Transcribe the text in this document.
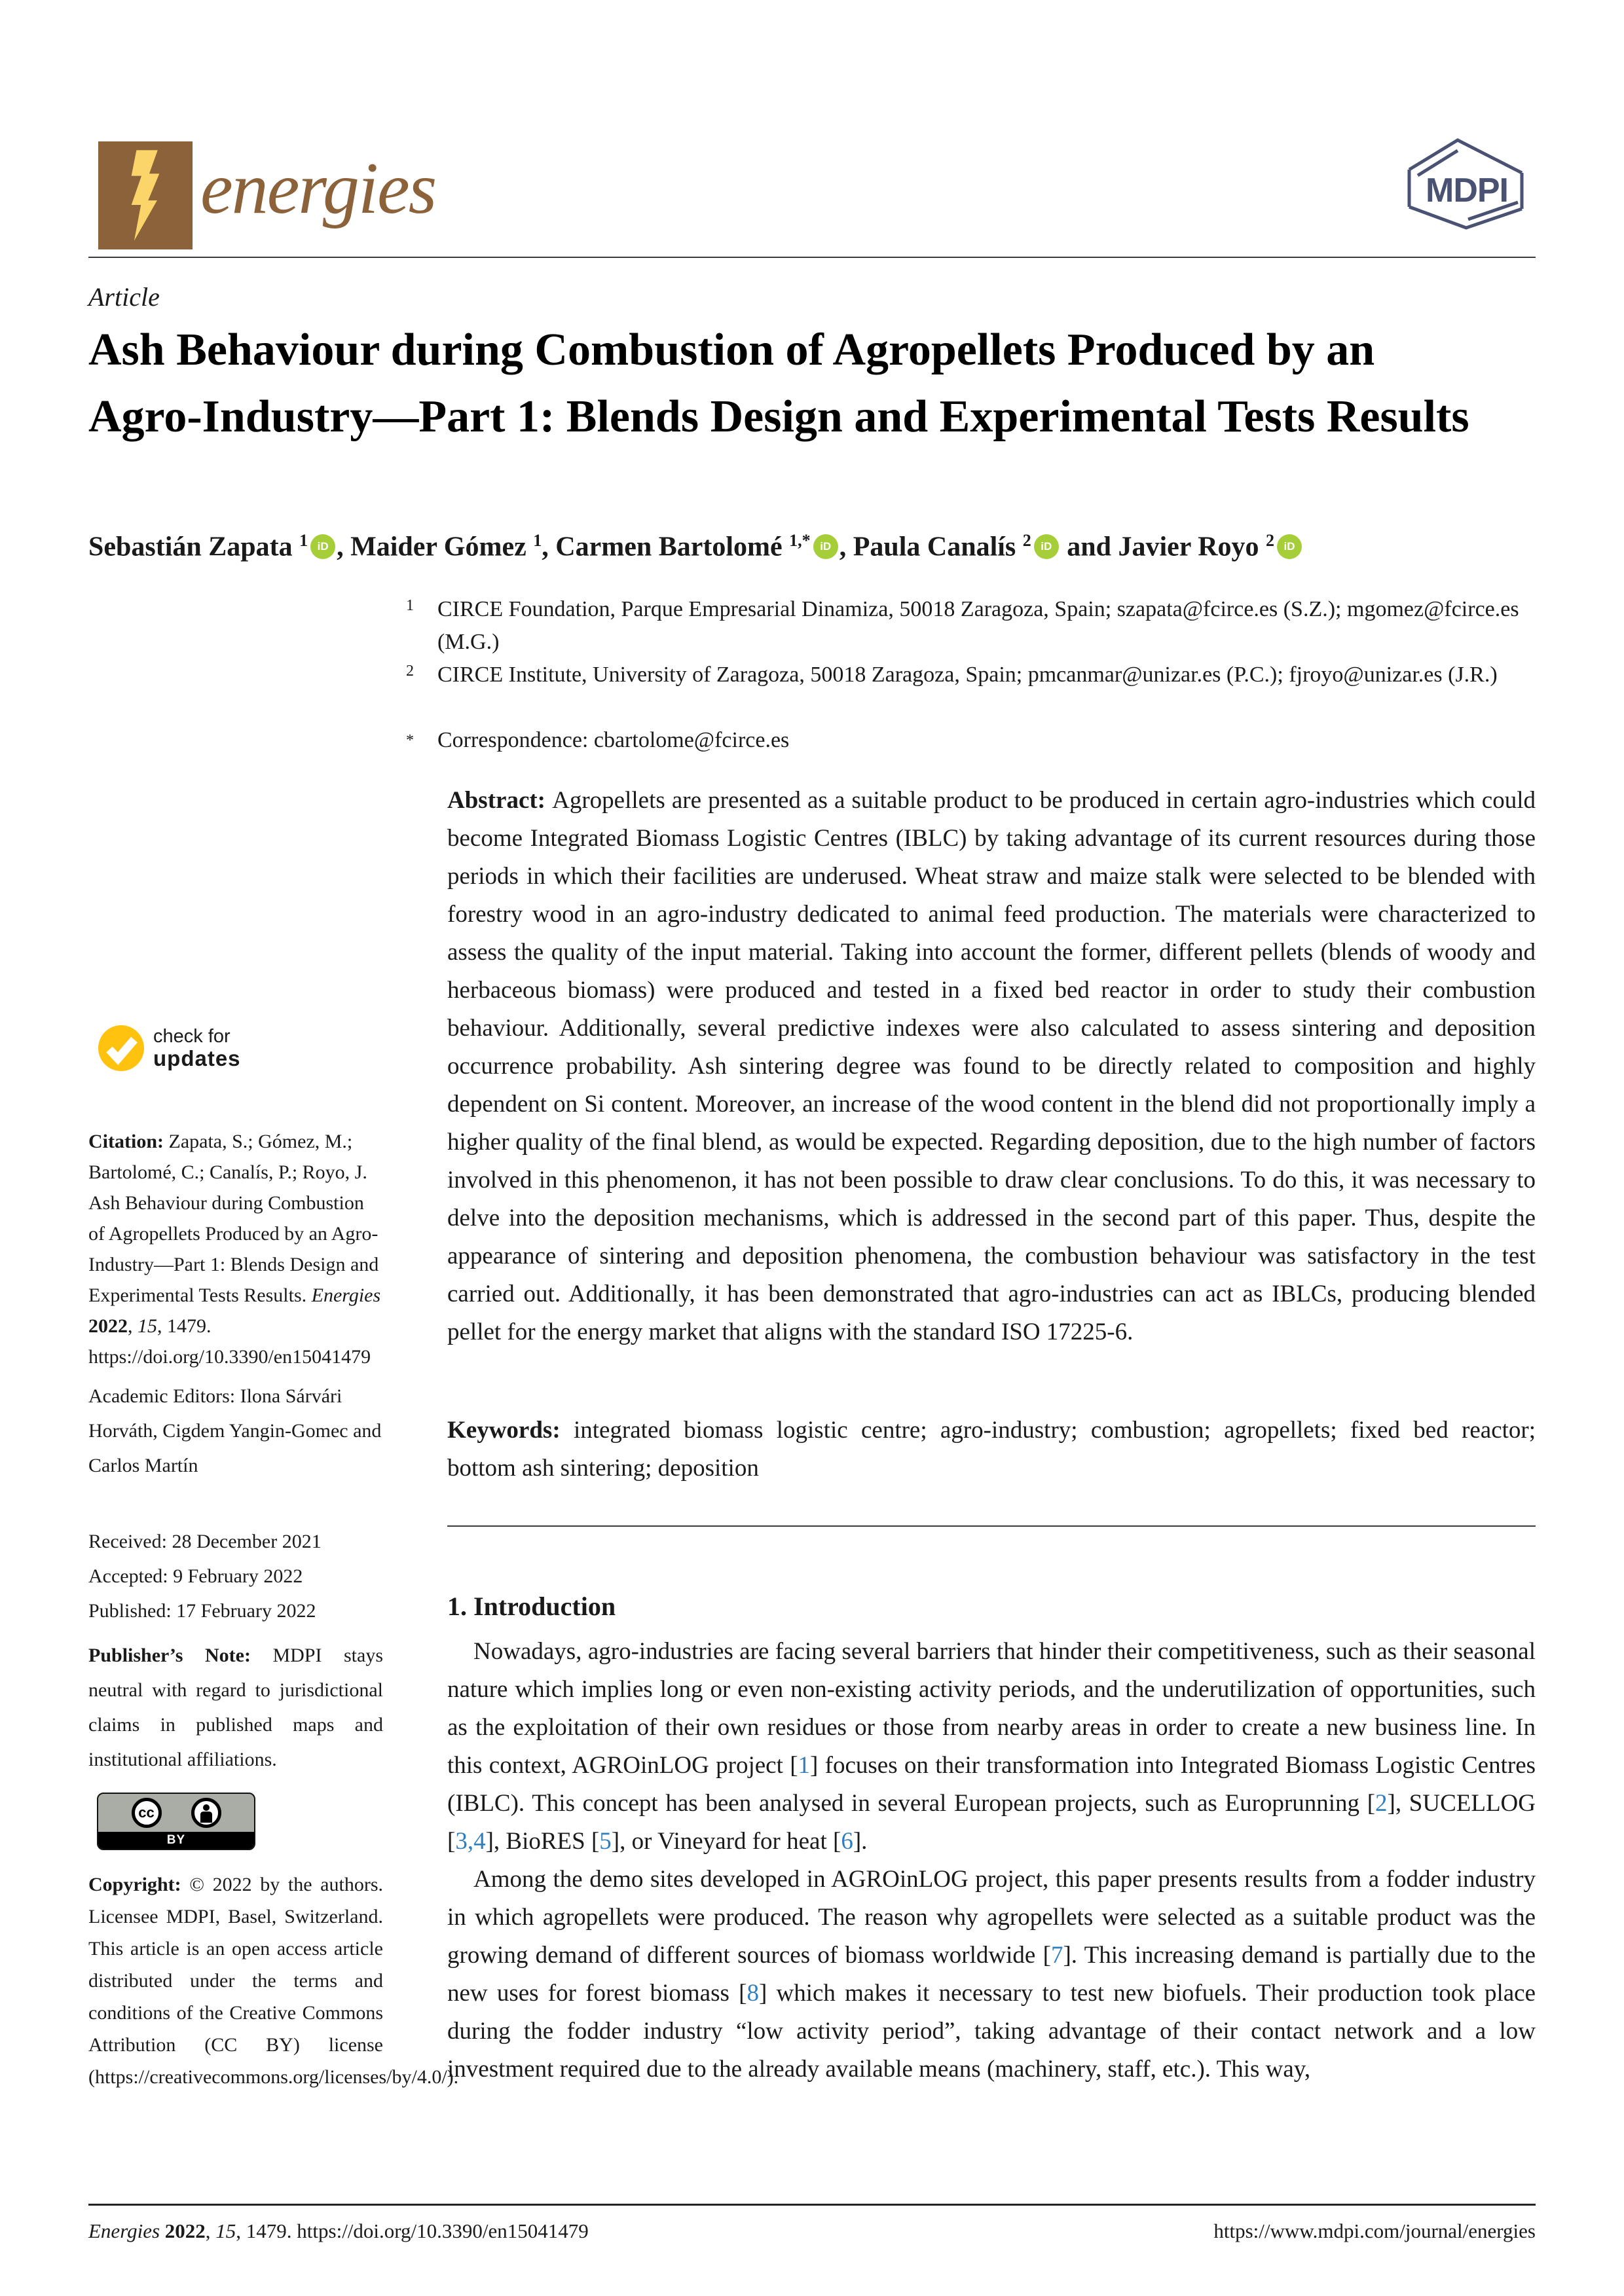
energies	MDPI
Article
Ash Behaviour during Combustion of Agropellets Produced by an Agro-Industry—Part 1: Blends Design and Experimental Tests Results
Sebastián Zapata $^1$ iD , Maider Gómez $^1$, Carmen Bartolomé $^{1,*}$ iD , Paula Canalís $^2$ iD and Javier Royo $^2$ iD
1	CIRCE Foundation, Parque Empresarial Dinamiza, 50018 Zaragoza, Spain; szapata@fcirce.es (S.Z.); mgomez@fcirce.es (M.G.)
2	CIRCE Institute, University of Zaragoza, 50018 Zaragoza, Spain; pmcanmar@unizar.es (P.C.); fjroyo@unizar.es (J.R.)
*	Correspondence: cbartolome@fcirce.es
Abstract: Agropellets are presented as a suitable product to be produced in certain agro-industries which could become Integrated Biomass Logistic Centres (IBLC) by taking advantage of its current resources during those periods in which their facilities are underused. Wheat straw and maize stalk were selected to be blended with forestry wood in an agro-industry dedicated to animal feed production. The materials were characterized to assess the quality of the input material. Taking into account the former, different pellets (blends of woody and herbaceous biomass) were produced and tested in a fixed bed reactor in order to study their combustion behaviour. Additionally, several predictive indexes were also calculated to assess sintering and deposition occurrence probability. Ash sintering degree was found to be directly related to composition and highly dependent on Si content. Moreover, an increase of the wood content in the blend did not proportionally imply a higher quality of the final blend, as would be expected. Regarding deposition, due to the high number of factors involved in this phenomenon, it has not been possible to draw clear conclusions. To do this, it was necessary to delve into the deposition mechanisms, which is addressed in the second part of this paper. Thus, despite the appearance of sintering and deposition phenomena, the combustion behaviour was satisfactory in the test carried out. Additionally, it has been demonstrated that agro-industries can act as IBLCs, producing blended pellet for the energy market that aligns with the standard ISO 17225-6.
Keywords: integrated biomass logistic centre; agro-industry; combustion; agropellets; fixed bed reactor; bottom ash sintering; deposition
1. Introduction

Nowadays, agro-industries are facing several barriers that hinder their competitiveness, such as their seasonal nature which implies long or even non-existing activity periods, and the underutilization of opportunities, such as the exploitation of their own residues or those from nearby areas in order to create a new business line. In this context, AGROinLOG project [1] focuses on their transformation into Integrated Biomass Logistic Centres (IBLC). This concept has been analysed in several European projects, such as Europrunning [2], SUCELLOG [3,4], BioRES [5], or Vineyard for heat [6].

Among the demo sites developed in AGROinLOG project, this paper presents results from a fodder industry in which agropellets were produced. The reason why agropellets were selected as a suitable product was the growing demand of different sources of biomass worldwide [7]. This increasing demand is partially due to the new uses for forest biomass [8] which makes it necessary to test new biofuels. Their production took place during the fodder industry “low activity period”, taking advantage of their contact network and a low investment required due to the already available means (machinery, staff, etc.). This way,

check for
updates
Citation: Zapata, S.; Gómez, M.; Bartolomé, C.; Canalís, P.; Royo, J. Ash Behaviour during Combustion of Agropellets Produced by an Agro-Industry—Part 1: Blends Design and Experimental Tests Results. Energies 2022, 15, 1479. https://doi.org/10.3390/en15041479
Academic Editors: Ilona Sárvári Horváth, Cigdem Yangin-Gomec and Carlos Martín
Received: 28 December 2021
Accepted: 9 February 2022
Published: 17 February 2022
Publisher’s Note: MDPI stays neutral with regard to jurisdictional claims in published maps and institutional affiliations.
cc
BY
Copyright: © 2022 by the authors. Licensee MDPI, Basel, Switzerland. This article is an open access article distributed under the terms and conditions of the Creative Commons Attribution (CC BY) license (https://creativecommons.org/licenses/by/4.0/).
Energies 2022, 15, 1479. https://doi.org/10.3390/en15041479	https://www.mdpi.com/journal/energies
